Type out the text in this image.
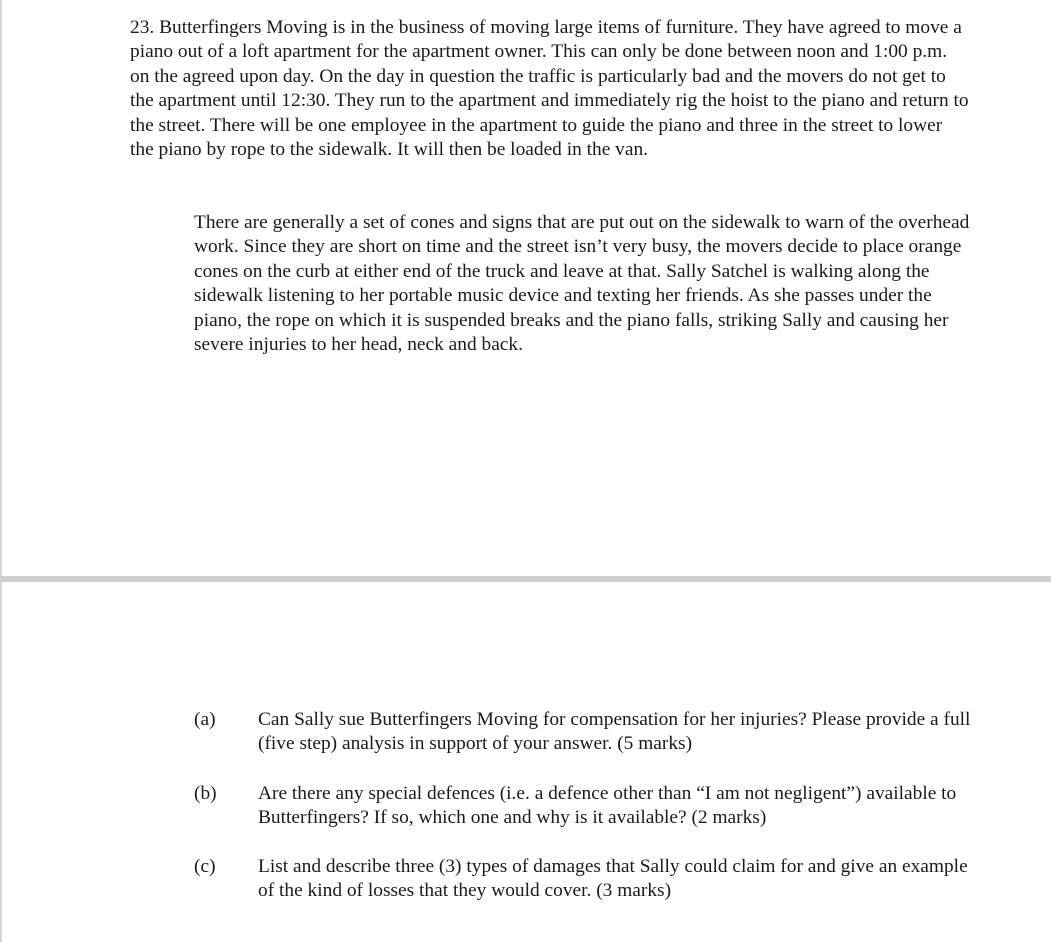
23. Butterfingers Moving is in the business of moving large items of furniture. They have agreed to move a piano out of a loft apartment for the apartment owner. This can only be done between noon and 1:00 p.m. on the agreed upon day. On the day in question the traffic is particularly bad and the movers do not get to the apartment until 12:30. They run to the apartment and immediately rig the hoist to the piano and return to the street. There will be one employee in the apartment to guide the piano and three in the street to lower the piano by rope to the sidewalk. It will then be loaded in the van.

There are generally a set of cones and signs that are put out on the sidewalk to warn of the overhead work. Since they are short on time and the street isn’t very busy, the movers decide to place orange cones on the curb at either end of the truck and leave at that. Sally Satchel is walking along the sidewalk listening to her portable music device and texting her friends. As she passes under the piano, the rope on which it is suspended breaks and the piano falls, striking Sally and causing her severe injuries to her head, neck and back.

(a) Can Sally sue Butterfingers Moving for compensation for her injuries? Please provide a full (five step) analysis in support of your answer. (5 marks)

(b) Are there any special defences (i.e. a defence other than “I am not negligent”) available to Butterfingers? If so, which one and why is it available? (2 marks)

(c) List and describe three (3) types of damages that Sally could claim for and give an example of the kind of losses that they would cover. (3 marks)
